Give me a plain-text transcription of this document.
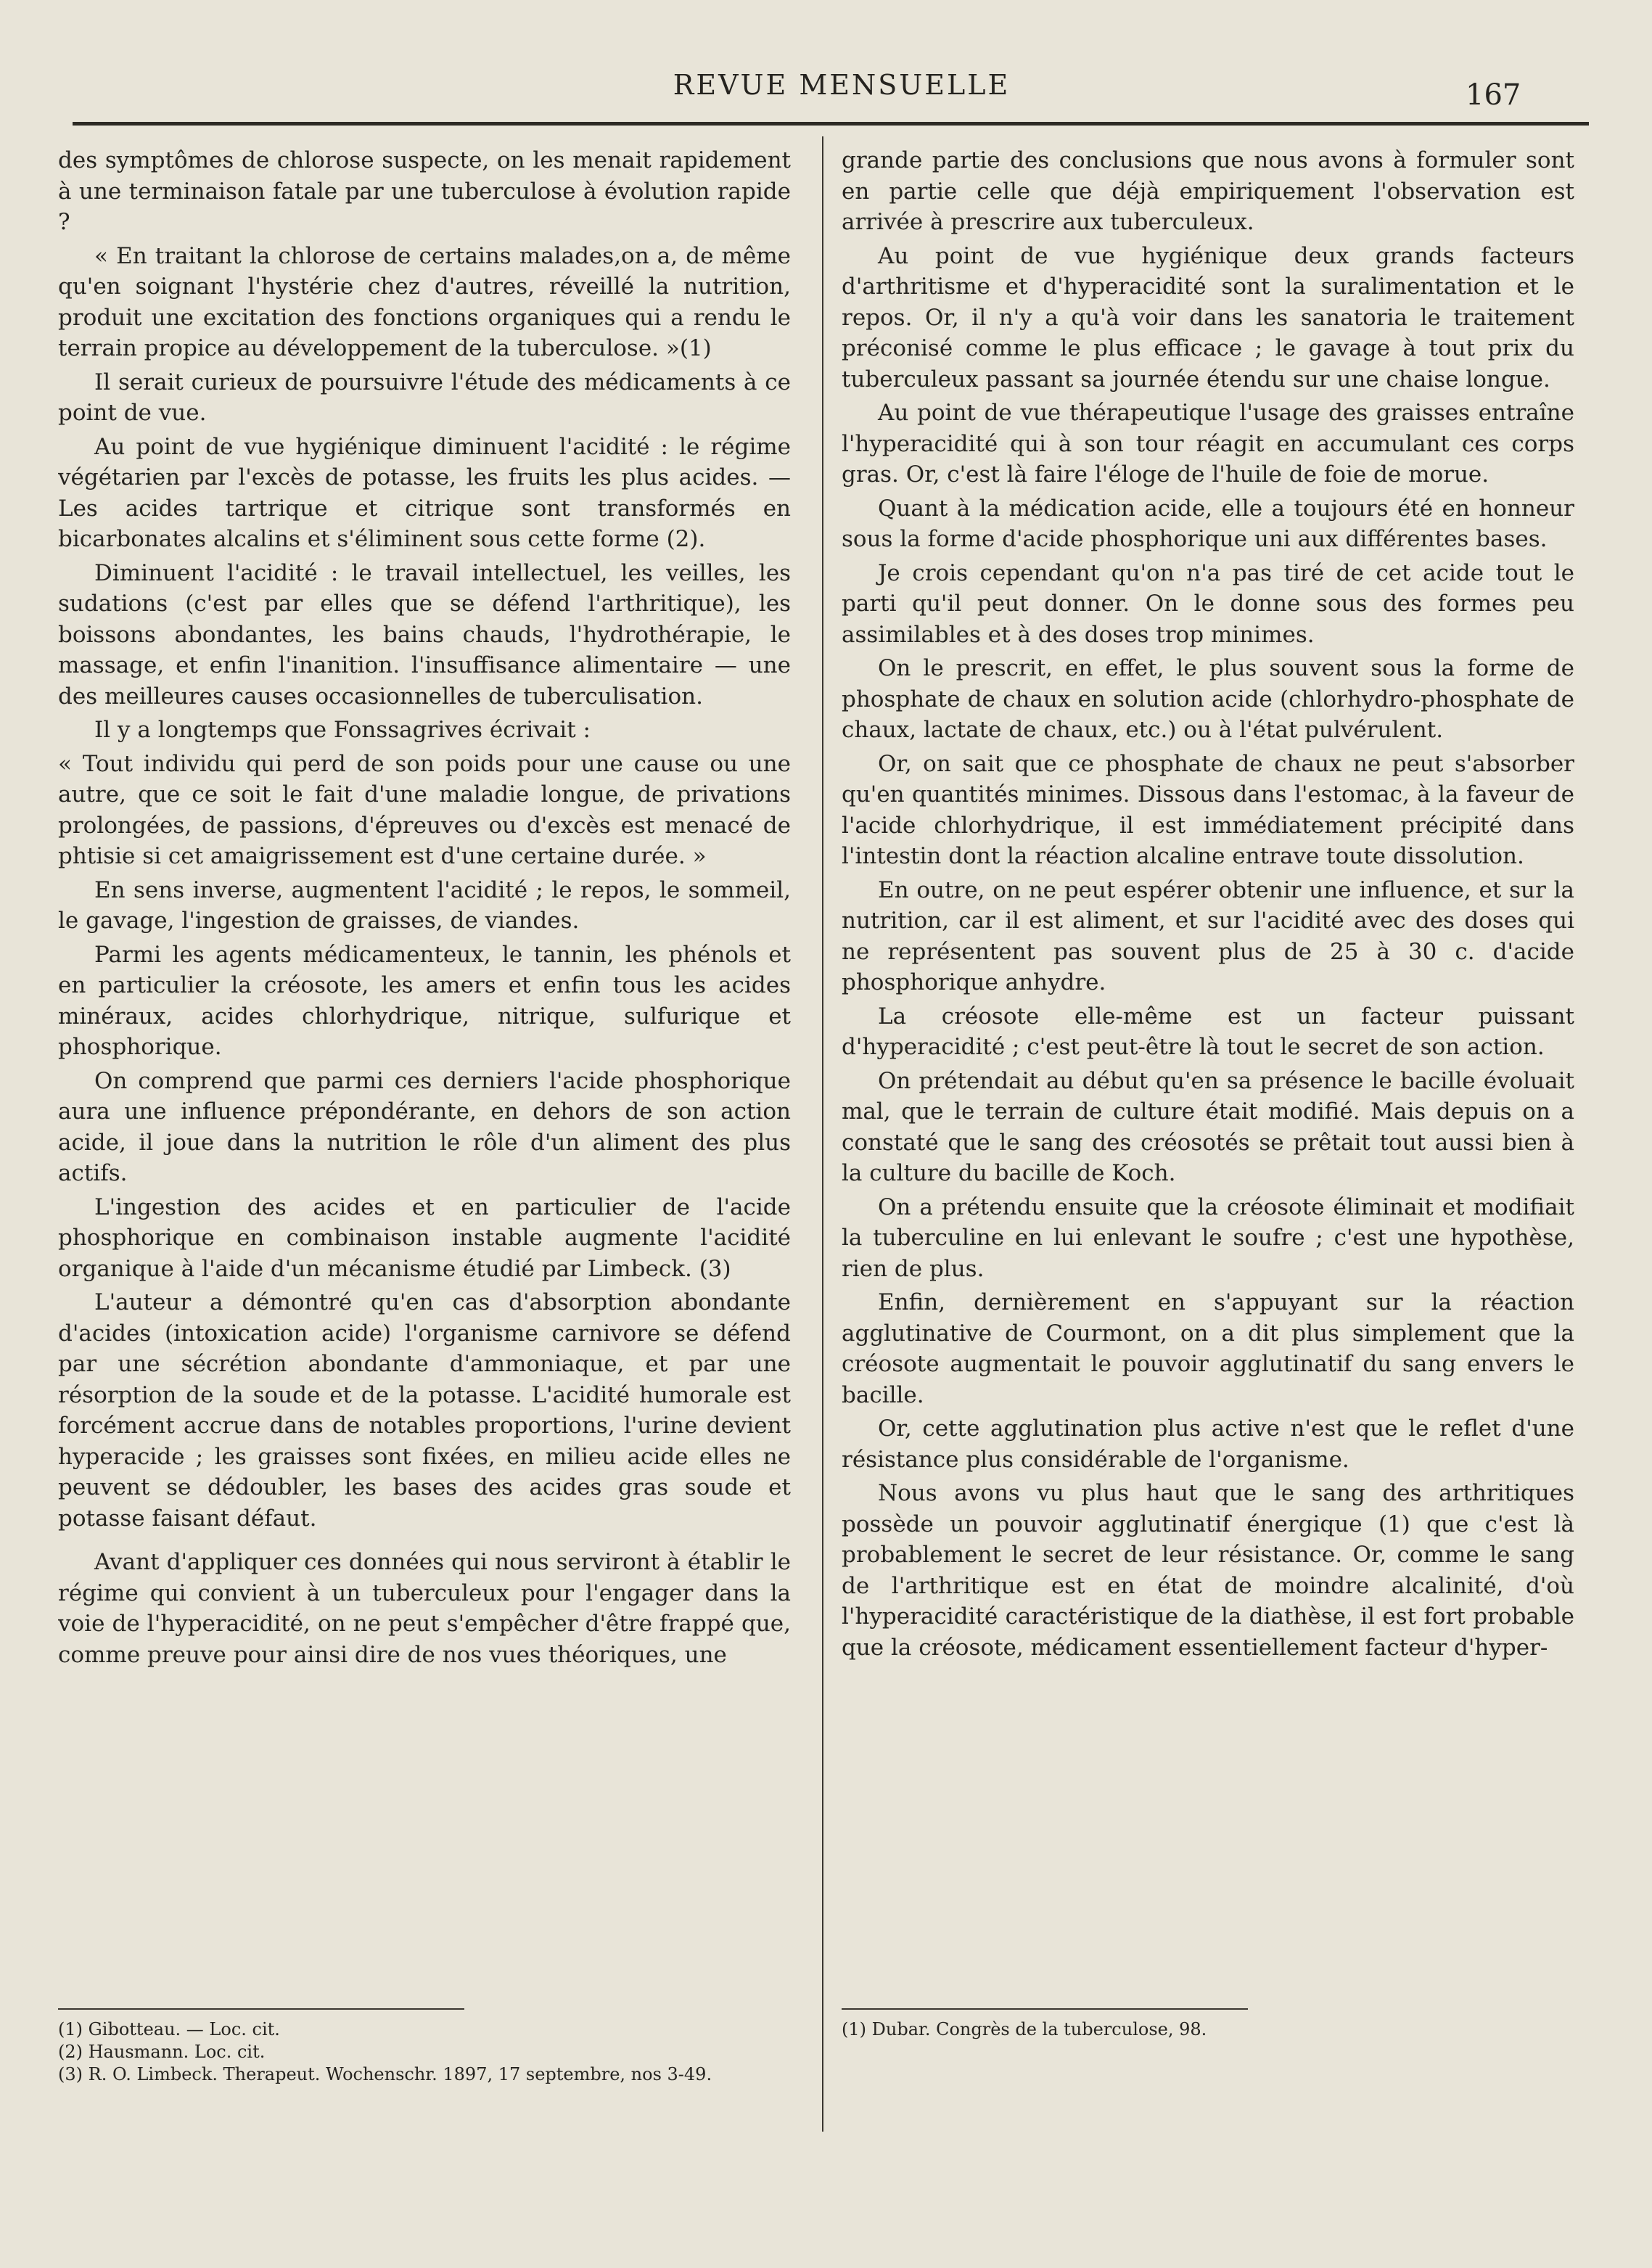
REVUE MENSUELLE	167

des symptômes de chlorose suspecte, on les menait rapidement à une terminaison fatale par une tuberculose à évolution rapide ?

« En traitant la chlorose de certains malades,on a, de même qu'en soignant l'hystérie chez d'autres, réveillé la nutrition, produit une excitation des fonctions organiques qui a rendu le terrain propice au développement de la tuberculose. »(1)

Il serait curieux de poursuivre l'étude des médicaments à ce point de vue.

Au point de vue hygiénique diminuent l'acidité : le régime végétarien par l'excès de potasse, les fruits les plus acides. — Les acides tartrique et citrique sont transformés en bicarbonates alcalins et s'éliminent sous cette forme (2).

Diminuent l'acidité : le travail intellectuel, les veilles, les sudations (c'est par elles que se défend l'arthritique), les boissons abondantes, les bains chauds, l'hydrothérapie, le massage, et enfin l'inanition. l'insuffisance alimentaire — une des meilleures causes occasionnelles de tuberculisation.

Il y a longtemps que Fonssagrives écrivait :

« Tout individu qui perd de son poids pour une cause ou une autre, que ce soit le fait d'une maladie longue, de privations prolongées, de passions, d'épreuves ou d'excès est menacé de phtisie si cet amaigrissement est d'une certaine durée. »

En sens inverse, augmentent l'acidité ; le repos, le sommeil, le gavage, l'ingestion de graisses, de viandes.

Parmi les agents médicamenteux, le tannin, les phénols et en particulier la créosote, les amers et enfin tous les acides minéraux, acides chlorhydrique, nitrique, sulfurique et phosphorique.

On comprend que parmi ces derniers l'acide phosphorique aura une influence prépondérante, en dehors de son action acide, il joue dans la nutrition le rôle d'un aliment des plus actifs.

L'ingestion des acides et en particulier de l'acide phosphorique en combinaison instable augmente l'acidité organique à l'aide d'un mécanisme étudié par Limbeck. (3)

L'auteur a démontré qu'en cas d'absorption abondante d'acides (intoxication acide) l'organisme carnivore se défend par une sécrétion abondante d'ammoniaque, et par une résorption de la soude et de la potasse. L'acidité humorale est forcément accrue dans de notables proportions, l'urine devient hyperacide ; les graisses sont fixées, en milieu acide elles ne peuvent se dédoubler, les bases des acides gras soude et potasse faisant défaut.

Avant d'appliquer ces données qui nous serviront à établir le régime qui convient à un tuberculeux pour l'engager dans la voie de l'hyperacidité, on ne peut s'empêcher d'être frappé que, comme preuve pour ainsi dire de nos vues théoriques, une

(1) Gibotteau. — Loc. cit.

(2) Hausmann. Loc. cit.

(3) R. O. Limbeck. Therapeut. Wochenschr. 1897, 17 septembre, nos 3-49.

grande partie des conclusions que nous avons à formuler sont en partie celle que déjà empiriquement l'observation est arrivée à prescrire aux tuberculeux.

Au point de vue hygiénique deux grands facteurs d'arthritisme et d'hyperacidité sont la suralimentation et le repos. Or, il n'y a qu'à voir dans les sanatoria le traitement préconisé comme le plus efficace ; le gavage à tout prix du tuberculeux passant sa journée étendu sur une chaise longue.

Au point de vue thérapeutique l'usage des graisses entraîne l'hyperacidité qui à son tour réagit en accumulant ces corps gras. Or, c'est là faire l'éloge de l'huile de foie de morue.

Quant à la médication acide, elle a toujours été en honneur sous la forme d'acide phosphorique uni aux différentes bases.

Je crois cependant qu'on n'a pas tiré de cet acide tout le parti qu'il peut donner. On le donne sous des formes peu assimilables et à des doses trop minimes.

On le prescrit, en effet, le plus souvent sous la forme de phosphate de chaux en solution acide (chlorhydro-phosphate de chaux, lactate de chaux, etc.) ou à l'état pulvérulent.

Or, on sait que ce phosphate de chaux ne peut s'absorber qu'en quantités minimes. Dissous dans l'estomac, à la faveur de l'acide chlorhydrique, il est immédiatement précipité dans l'intestin dont la réaction alcaline entrave toute dissolution.

En outre, on ne peut espérer obtenir une influence, et sur la nutrition, car il est aliment, et sur l'acidité avec des doses qui ne représentent pas souvent plus de 25 à 30 c. d'acide phosphorique anhydre.

La créosote elle-même est un facteur puissant d'hyperacidité ; c'est peut-être là tout le secret de son action.

On prétendait au début qu'en sa présence le bacille évoluait mal, que le terrain de culture était modifié. Mais depuis on a constaté que le sang des créosotés se prêtait tout aussi bien à la culture du bacille de Koch.

On a prétendu ensuite que la créosote éliminait et modifiait la tuberculine en lui enlevant le soufre ; c'est une hypothèse, rien de plus.

Enfin, dernièrement en s'appuyant sur la réaction agglutinative de Courmont, on a dit plus simplement que la créosote augmentait le pouvoir agglutinatif du sang envers le bacille.

Or, cette agglutination plus active n'est que le reflet d'une résistance plus considérable de l'organisme.

Nous avons vu plus haut que le sang des arthritiques possède un pouvoir agglutinatif énergique (1) que c'est là probablement le secret de leur résistance. Or, comme le sang de l'arthritique est en état de moindre alcalinité, d'où l'hyperacidité caractéristique de la diathèse, il est fort probable que la créosote, médicament essentiellement facteur d'hyper-

(1) Dubar. Congrès de la tuberculose, 98.
